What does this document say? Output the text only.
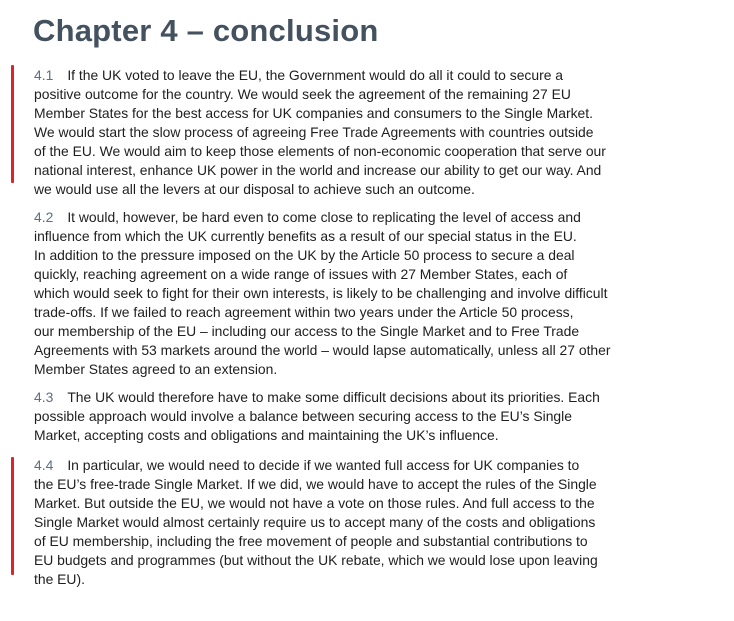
Chapter 4 – conclusion

4.1 If the UK voted to leave the EU, the Government would do all it could to secure a
positive outcome for the country. We would seek the agreement of the remaining 27 EU
Member States for the best access for UK companies and consumers to the Single Market.
We would start the slow process of agreeing Free Trade Agreements with countries outside
of the EU. We would aim to keep those elements of non-economic cooperation that serve our
national interest, enhance UK power in the world and increase our ability to get our way. And
we would use all the levers at our disposal to achieve such an outcome.

4.2 It would, however, be hard even to come close to replicating the level of access and
influence from which the UK currently benefits as a result of our special status in the EU.
In addition to the pressure imposed on the UK by the Article 50 process to secure a deal
quickly, reaching agreement on a wide range of issues with 27 Member States, each of
which would seek to fight for their own interests, is likely to be challenging and involve difficult
trade-offs. If we failed to reach agreement within two years under the Article 50 process,
our membership of the EU – including our access to the Single Market and to Free Trade
Agreements with 53 markets around the world – would lapse automatically, unless all 27 other
Member States agreed to an extension.

4.3 The UK would therefore have to make some difficult decisions about its priorities. Each
possible approach would involve a balance between securing access to the EU’s Single
Market, accepting costs and obligations and maintaining the UK’s influence.

4.4 In particular, we would need to decide if we wanted full access for UK companies to
the EU’s free-trade Single Market. If we did, we would have to accept the rules of the Single
Market. But outside the EU, we would not have a vote on those rules. And full access to the
Single Market would almost certainly require us to accept many of the costs and obligations
of EU membership, including the free movement of people and substantial contributions to
EU budgets and programmes (but without the UK rebate, which we would lose upon leaving
the EU).
